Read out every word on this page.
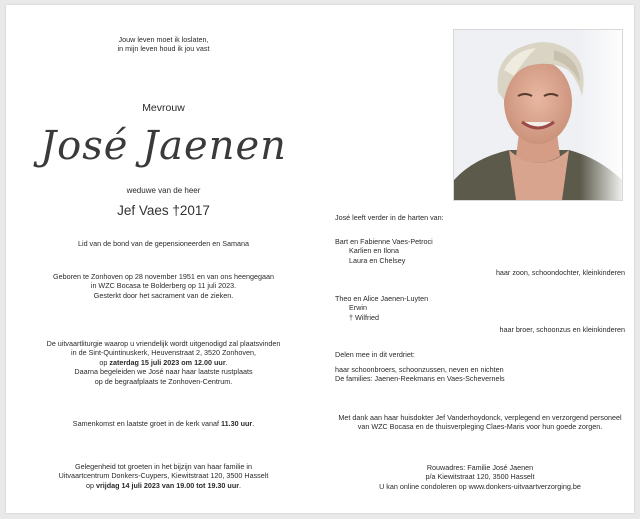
Jouw leven moet ik loslaten,
in mijn leven houd ik jou vast
Mevrouw
José Jaenen
weduwe van de heer
Jef Vaes †2017
Lid van de bond van de gepensioneerden en Samana
Geboren te Zonhoven op 28 november 1951 en van ons heengegaan
in WZC Bocasa te Bolderberg op 11 juli 2023.
Gesterkt door het sacrament van de zieken.
De uitvaartliturgie waarop u vriendelijk wordt uitgenodigd zal plaatsvinden
in de Sint-Quintinuskerk, Heuvenstraat 2, 3520 Zonhoven,
op zaterdag 15 juli 2023 om 12.00 uur.
Daarna begeleiden we José naar haar laatste rustplaats
op de begraafplaats te Zonhoven-Centrum.
Samenkomst en laatste groet in de kerk vanaf 11.30 uur.
Gelegenheid tot groeten in het bijzijn van haar familie in
Uitvaartcentrum Donkers-Cuypers, Kiewitstraat 120, 3500 Hasselt
op vrijdag 14 juli 2023 van 19.00 tot 19.30 uur.
José leeft verder in de harten van:
Bart en Fabienne Vaes-Petroci
Karlien en Ilona
Laura en Chelsey
haar zoon, schoondochter, kleinkinderen
Theo en Alice Jaenen-Luyten
Erwin
† Wilfried
haar broer, schoonzus en kleinkinderen
Delen mee in dit verdriet:
haar schoonbroers, schoonzussen, neven en nichten
De families: Jaenen-Reekmans en Vaes-Schevernels
Met dank aan haar huisdokter Jef Vanderhoydonck, verplegend en verzorgend personeel
van WZC Bocasa en de thuisverpleging Claes-Maris voor hun goede zorgen.
Rouwadres: Familie José Jaenen
p/a Kiewitstraat 120, 3500 Hasselt
U kan online condoleren op www.donkers-uitvaartverzorging.be
